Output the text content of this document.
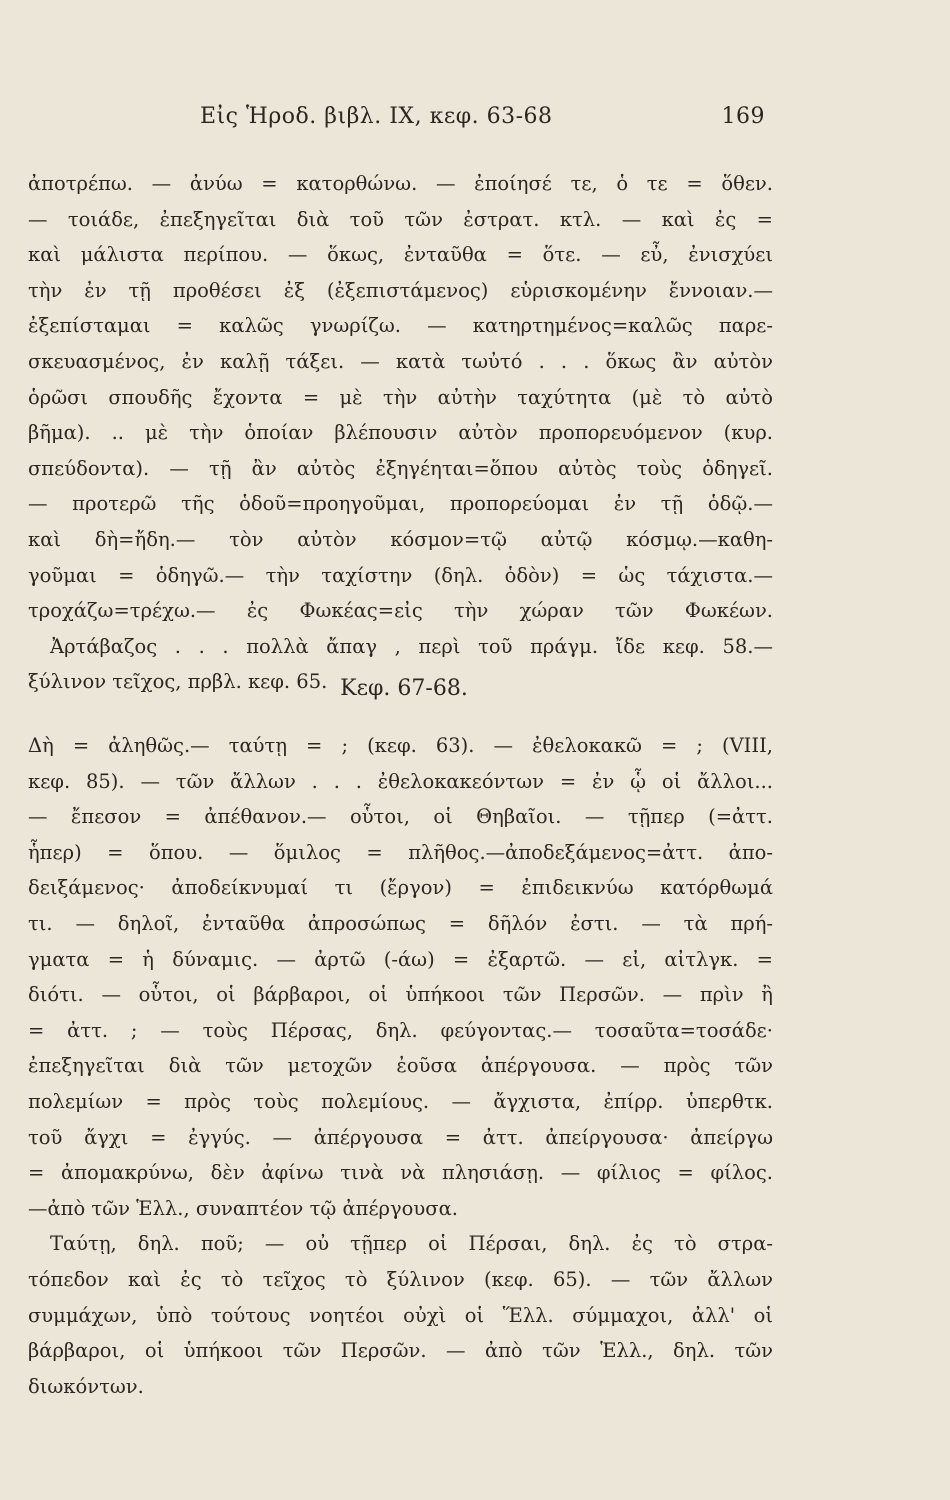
Εἰς Ἡροδ. βιβλ. IX, κεφ. 63-68	169
ἀποτρέπω. — ἀνύω = κατορθώνω. — ἐποίησέ τε, ὁ τε = ὅθεν.
— τοιάδε, ἐπεξηγεῖται διὰ τοῦ τῶν ἐστρατ. κτλ. — καὶ ἐς =
καὶ μάλιστα περίπου. — ὅκως, ἐνταῦθα = ὅτε. — εὖ, ἐνισχύει
τὴν ἐν τῇ προθέσει ἐξ (ἐξεπιστάμενος) εὑρισκομένην ἔννοιαν.—
ἐξεπίσταμαι = καλῶς γνωρίζω. — κατηρτημένος=καλῶς παρε-
σκευασμένος, ἐν καλῇ τάξει. — κατὰ τωὐτό . . . ὅκως ἂν αὐτὸν
ὁρῶσι σπουδῆς ἔχοντα = μὲ τὴν αὐτὴν ταχύτητα (μὲ τὸ αὐτὸ
βῆμα). .. μὲ τὴν ὁποίαν βλέπουσιν αὐτὸν προπορευόμενον (κυρ.
σπεύδοντα). — τῇ ἂν αὐτὸς ἐξηγέηται=ὅπου αὐτὸς τοὺς ὁδηγεῖ.
— προτερῶ τῆς ὁδοῦ=προηγοῦμαι, προπορεύομαι ἐν τῇ ὁδῷ.—
καὶ δὴ=ἤδη.— τὸν αὐτὸν κόσμον=τῷ αὐτῷ κόσμῳ.—καθη-
γοῦμαι = ὁδηγῶ.— τὴν ταχίστην (δηλ. ὁδὸν) = ὡς τάχιστα.—
τροχάζω=τρέχω.— ἐς Φωκέας=εἰς τὴν χώραν τῶν Φωκέων.
Ἀρτάβαζος . . . πολλὰ ἄπαγ , περὶ τοῦ πράγμ. ἴδε κεφ. 58.—
ξύλινον τεῖχος, πρβλ. κεφ. 65. Κεφ. 67-68.
Δὴ = ἀληθῶς.— ταύτῃ = ; (κεφ. 63). — ἐθελοκακῶ = ; (VIII,
κεφ. 85). — τῶν ἄλλων . . . ἐθελοκακεόντων = ἐν ᾧ οἱ ἄλλοι...
— ἔπεσον = ἀπέθανον.— οὗτοι, οἱ Θηβαῖοι. — τῇπερ (=ἀττ.
ἧπερ) = ὅπου. — ὅμιλος = πλῆθος.—ἀποδεξάμενος=ἀττ. ἀπο-
δειξάμενος· ἀποδείκνυμαί τι (ἔργον) = ἐπιδεικνύω κατόρθωμά
τι. — δηλοῖ, ἐνταῦθα ἀπροσώπως = δῆλόν ἐστι. — τὰ πρή-
γματα = ἡ δύναμις. — ἀρτῶ (-άω) = ἐξαρτῶ. — εἰ, αἰτλγκ. =
διότι. — οὗτοι, οἱ βάρβαροι, οἱ ὑπήκοοι τῶν Περσῶν. — πρὶν ἢ
= ἀττ. ; — τοὺς Πέρσας, δηλ. φεύγοντας.— τοσαῦτα=τοσάδε·
ἐπεξηγεῖται διὰ τῶν μετοχῶν ἐοῦσα ἀπέργουσα. — πρὸς τῶν
πολεμίων = πρὸς τοὺς πολεμίους. — ἄγχιστα, ἐπίρρ. ὑπερθτκ.
τοῦ ἄγχι = ἐγγύς. — ἀπέργουσα = ἀττ. ἀπείργουσα· ἀπείργω
= ἀπομακρύνω, δὲν ἀφίνω τινὰ νὰ πλησιάσῃ. — φίλιος = φίλος.
—ἀπὸ τῶν Ἑλλ., συναπτέον τῷ ἀπέργουσα.
Ταύτῃ, δηλ. ποῦ; — οὐ τῇπερ οἱ Πέρσαι, δηλ. ἐς τὸ στρα-
τόπεδον καὶ ἐς τὸ τεῖχος τὸ ξύλινον (κεφ. 65). — τῶν ἄλλων
συμμάχων, ὑπὸ τούτους νοητέοι οὐχὶ οἱ Ἕλλ. σύμμαχοι, ἀλλ' οἱ
βάρβαροι, οἱ ὑπήκοοι τῶν Περσῶν. — ἀπὸ τῶν Ἑλλ., δηλ. τῶν
διωκόντων.
